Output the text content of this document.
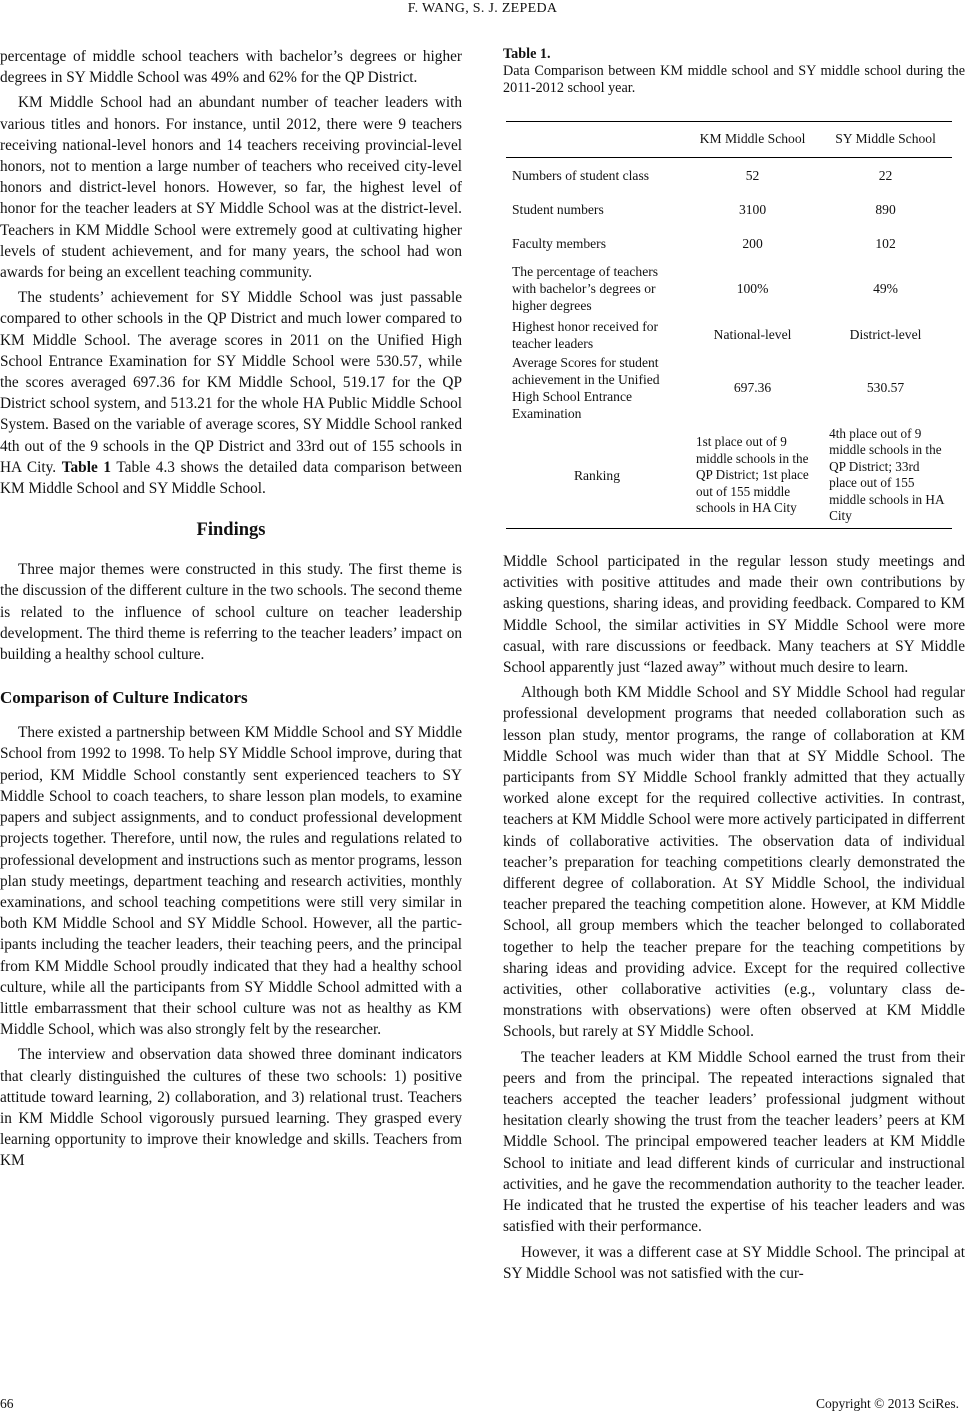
F. WANG, S. J. ZEPEDA

percentage of middle school teachers with bachelor’s degrees or higher degrees in SY Middle School was 49% and 62% for the QP District.

KM Middle School had an abundant number of teacher leaders with various titles and honors. For instance, until 2012, there were 9 teachers receiving national-level honors and 14 teachers receiving provincial-level honors, not to mention a large number of teachers who received city-level honors and district-level honors. However, so far, the highest level of honor for the teacher leaders at SY Middle School was at the district-level. Teachers in KM Middle School were extremely good at cultivating higher levels of student achievement, and for many years, the school had won awards for being an excellent teaching community.

The students’ achievement for SY Middle School was just passable compared to other schools in the QP District and much lower compared to KM Middle School. The average scores in 2011 on the Unified High School Entrance Examination for SY Middle School were 530.57, while the scores averaged 697.36 for KM Middle School, 519.17 for the QP District school system, and 513.21 for the whole HA Public Middle School System. Based on the variable of average scores, SY Middle School ranked 4th out of the 9 schools in the QP District and 33rd out of 155 schools in HA City. Table 1 Table 4.3 shows the detailed data comparison between KM Middle School and SY Middle School.

Findings

Three major themes were constructed in this study. The first theme is the discussion of the different culture in the two schools. The second theme is related to the influence of school culture on teacher leadership development. The third theme is referring to the teacher leaders’ impact on building a healthy school culture.

Comparison of Culture Indicators

There existed a partnership between KM Middle School and SY Middle School from 1992 to 1998. To help SY Middle School improve, during that period, KM Middle School constantly sent experienced teachers to SY Middle School to coach teachers, to share lesson plan models, to examine papers and subject assignments, and to conduct professional development projects together. Therefore, until now, the rules and regulations related to professional development and instructions such as mentor programs, lesson plan study meetings, department teaching and research activities, monthly examinations, and school teaching competitions were still very similar in both KM Middle School and SY Middle School. However, all the participants including the teacher leaders, their teaching peers, and the principal from KM Middle School proudly indicated that they had a healthy school culture, while all the participants from SY Middle School admitted with a little embarrassment that their school culture was not as healthy as KM Middle School, which was also strongly felt by the researcher.

The interview and observation data showed three dominant indicators that clearly distinguished the cultures of these two schools: 1) positive attitude toward learning, 2) collaboration, and 3) relational trust. Teachers in KM Middle School vigorously pursued learning. They grasped every learning opportunity to improve their knowledge and skills. Teachers from KM

Table 1.
Data Comparison between KM middle school and SY middle school during the 2011-2012 school year.
	KM Middle School	SY Middle School
Numbers of student class	52	22
Student numbers	3100	890
Faculty members	200	102
The percentage of teachers with bachelor’s degrees or higher degrees	100%	49%
Highest honor received for teacher leaders	National-level	District-level
Average Scores for student achievement in the Unified High School Entrance Examination	697.36	530.57
Ranking	1st place out of 9 middle schools in the QP District; 1st place out of 155 middle schools in HA City	4th place out of 9 middle schools in the QP District; 33rd place out of 155 middle schools in HA City

Middle School participated in the regular lesson study meetings and activities with positive attitudes and made their own contributions by asking questions, sharing ideas, and providing feedback. Compared to KM Middle School, the similar activities in SY Middle School were more casual, with rare discussions or feedback. Many teachers at SY Middle School apparently just “lazed away” without much desire to learn.

Although both KM Middle School and SY Middle School had regular professional development programs that needed collaboration such as lesson plan study, mentor programs, the range of collaboration at KM Middle School was much wider than that at SY Middle School. The participants from SY Middle School frankly admitted that they actually worked alone except for the required collective activities. In contrast, teachers at KM Middle School were more actively participated in differrent kinds of collaborative activities. The observation data of individual teacher’s preparation for teaching competitions clearly demonstrated the different degree of collaboration. At SY Middle School, the individual teacher prepared the teaching competition alone. However, at KM Middle School, all group members which the teacher belonged to collaborated together to help the teacher prepare for the teaching competitions by sharing ideas and providing advice. Except for the required collective activities, other collaborative activities (e.g., voluntary class demonstrations with observations) were often observed at KM Middle Schools, but rarely at SY Middle School.

The teacher leaders at KM Middle School earned the trust from their peers and from the principal. The repeated interactions signaled that teachers accepted the teacher leaders’ professional judgment without hesitation clearly showing the trust from the teacher leaders’ peers at KM Middle School. The principal empowered teacher leaders at KM Middle School to initiate and lead different kinds of curricular and instructional activities, and he gave the recommendation authority to the teacher leader. He indicated that he trusted the expertise of his teacher leaders and was satisfied with their performance.

However, it was a different case at SY Middle School. The principal at SY Middle School was not satisfied with the cur-

66	Copyright © 2013 SciRes.
